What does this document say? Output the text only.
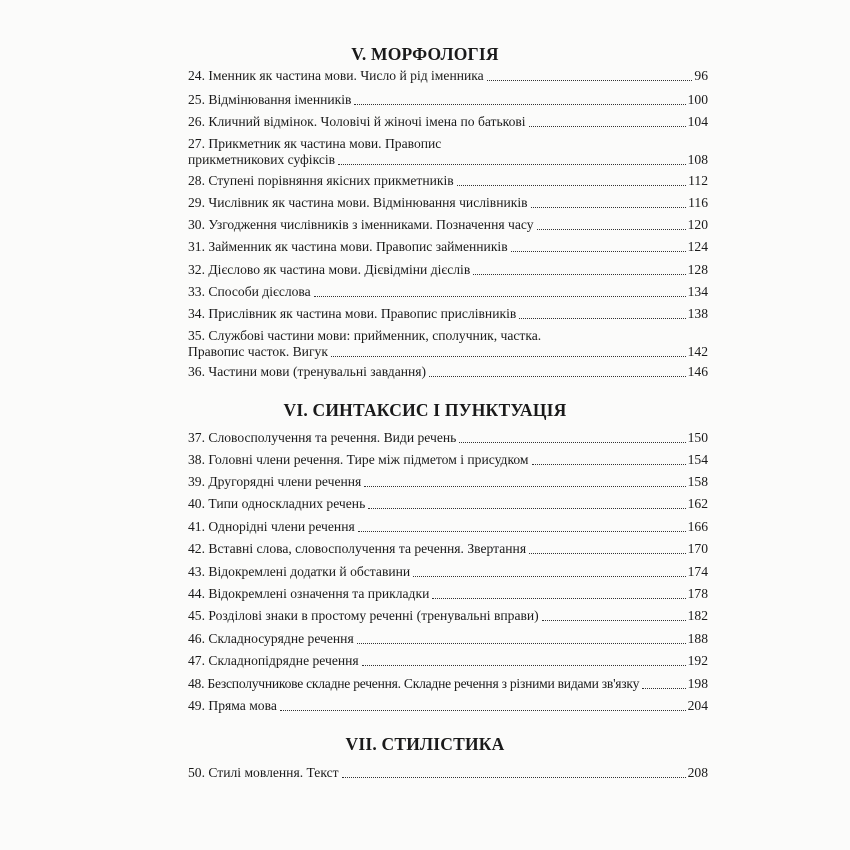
V. МОРФОЛОГІЯ
24. Іменник як частина мови. Число й рід іменника	96
25. Відмінювання іменників	100
26. Кличний відмінок. Чоловічі й жіночі імена по батькові	104
27. Прикметник як частина мови. Правопис
прикметникових суфіксів	108
28. Ступені порівняння якісних прикметників	112
29. Числівник як частина мови. Відмінювання числівників	116
30. Узгодження числівників з іменниками. Позначення часу	120
31. Займенник як частина мови. Правопис займенників	124
32. Дієслово як частина мови. Дієвідміни дієслів	128
33. Способи дієслова	134
34. Прислівник як частина мови. Правопис прислівників	138
35. Службові частини мови: прийменник, сполучник, частка.
Правопис часток. Вигук	142
36. Частини мови (тренувальні завдання)	146
VI. СИНТАКСИС І ПУНКТУАЦІЯ
37. Словосполучення та речення. Види речень	150
38. Головні члени речення. Тире між підметом і присудком	154
39. Другорядні члени речення	158
40. Типи односкладних речень	162
41. Однорідні члени речення	166
42. Вставні слова, словосполучення та речення. Звертання	170
43. Відокремлені додатки й обставини	174
44. Відокремлені означення та прикладки	178
45. Розділові знаки в простому реченні (тренувальні вправи)	182
46. Складносурядне речення	188
47. Складнопідрядне речення	192
48. Безсполучникове складне речення. Складне речення з різними видами зв'язку	198
49. Пряма мова	204
VII. СТИЛІСТИКА
50. Стилі мовлення. Текст	208
